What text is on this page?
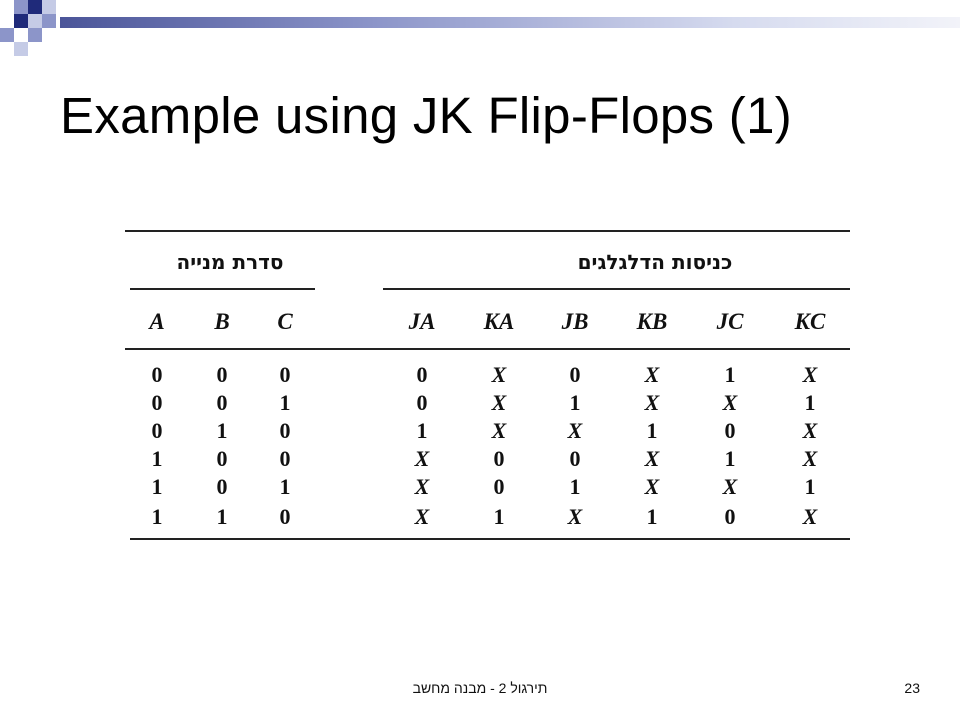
Example using JK Flip-Flops (1)
סדרת מנייה	כניסות הדלגלגים
A	B	C	JA	KA	JB	KB	JC	KC
0	0	0	0	X	0	X	1	X
0	0	1	0	X	1	X	X	1
0	1	0	1	X	X	1	0	X
1	0	0	X	0	0	X	1	X
1	0	1	X	0	1	X	X	1
1	1	0	X	1	X	1	0	X
תירגול 2 - מבנה מחשב	23
